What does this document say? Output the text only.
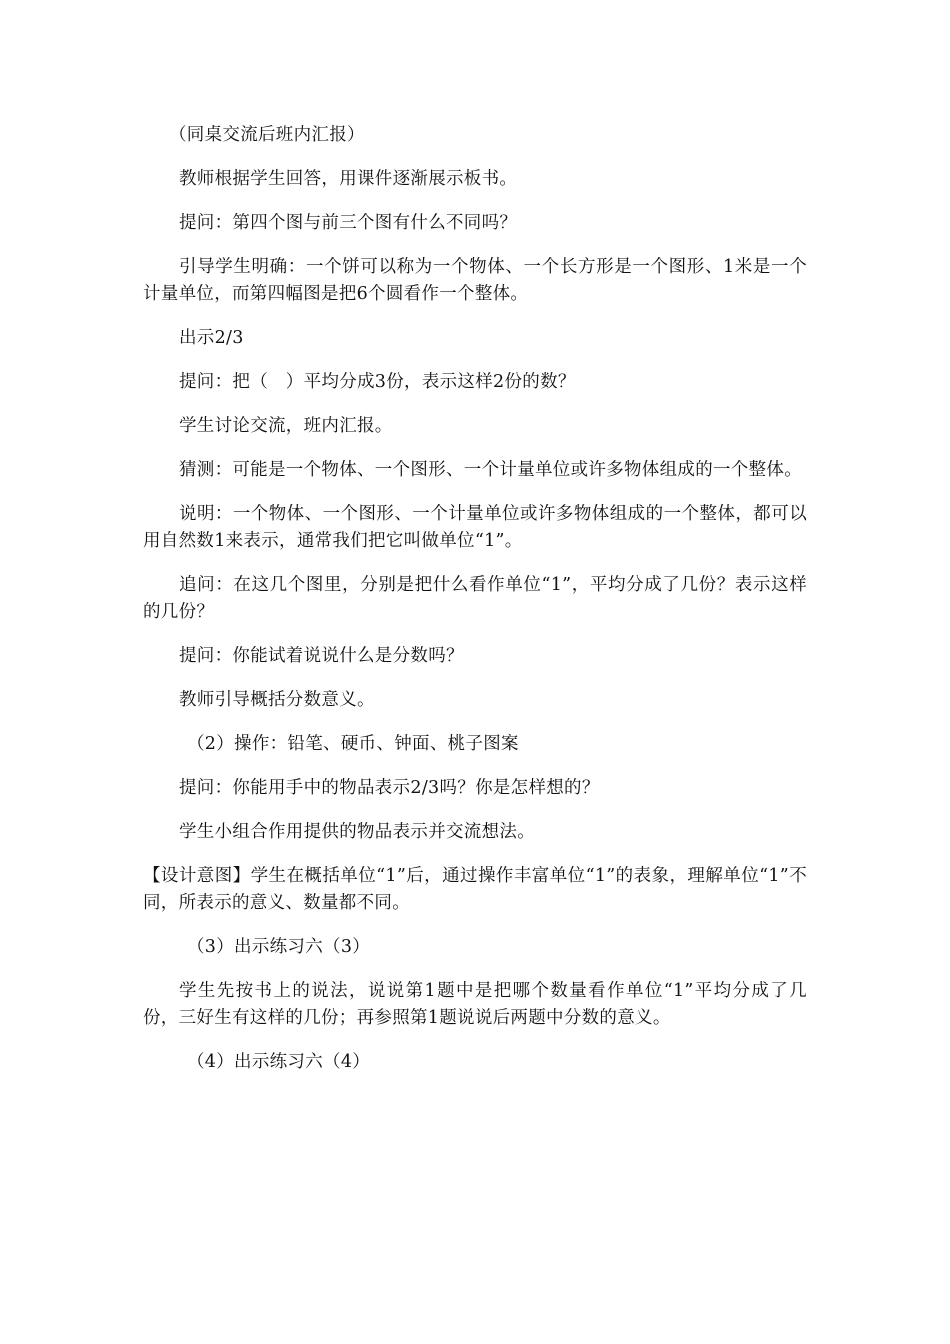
（同桌交流后班内汇报）

教师根据学生回答，用课件逐渐展示板书。

提问：第四个图与前三个图有什么不同吗？

引导学生明确：一个饼可以称为一个物体、一个长方形是一个图形、1米是一个计量单位，而第四幅图是把6个圆看作一个整体。

出示2/3

提问：把（　）平均分成3份，表示这样2份的数？

学生讨论交流，班内汇报。

猜测：可能是一个物体、一个图形、一个计量单位或许多物体组成的一个整体。

说明：一个物体、一个图形、一个计量单位或许多物体组成的一个整体，都可以用自然数1来表示，通常我们把它叫做单位“1”。

追问：在这几个图里，分别是把什么看作单位“1”，平均分成了几份？表示这样的几份？

提问：你能试着说说什么是分数吗？

教师引导概括分数意义。

（2）操作：铅笔、硬币、钟面、桃子图案

提问：你能用手中的物品表示2/3吗？你是怎样想的？

学生小组合作用提供的物品表示并交流想法。

【设计意图】学生在概括单位“1”后，通过操作丰富单位“1”的表象，理解单位“1”不同，所表示的意义、数量都不同。

（3）出示练习六（3）

学生先按书上的说法，说说第1题中是把哪个数量看作单位“1”平均分成了几份，三好生有这样的几份；再参照第1题说说后两题中分数的意义。

（4）出示练习六（4）
